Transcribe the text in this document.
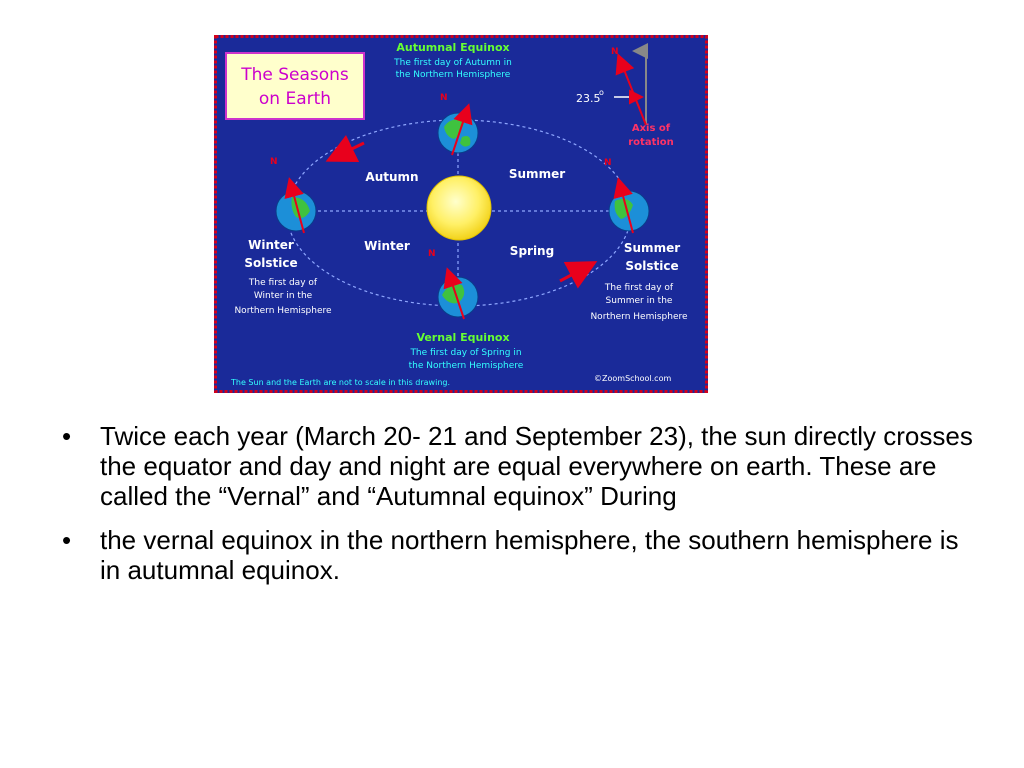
The Seasons
on Earth	N
N
N	N
N
23.5
o
Axis of
rotation
Autumnal Equinox
The first day of Autumn in
the Northern Hemisphere
Autumn	Summer
Winter	Spring
Winter
Solstice
The first day of
Winter in the
Northern Hemisphere
Summer
Solstice
The first day of
Summer in the
Northern Hemisphere
Vernal Equinox
The first day of Spring in
the Northern Hemisphere
The Sun and the Earth are not to scale in this drawing.	©ZoomSchool.com
• Twice each year (March 20- 21 and September 23), the sun directly crosses the equator and day and night are equal everywhere on earth. These are called the “Vernal” and “Autumnal equinox” During
• the vernal equinox in the northern hemisphere, the southern hemisphere is in autumnal equinox.
